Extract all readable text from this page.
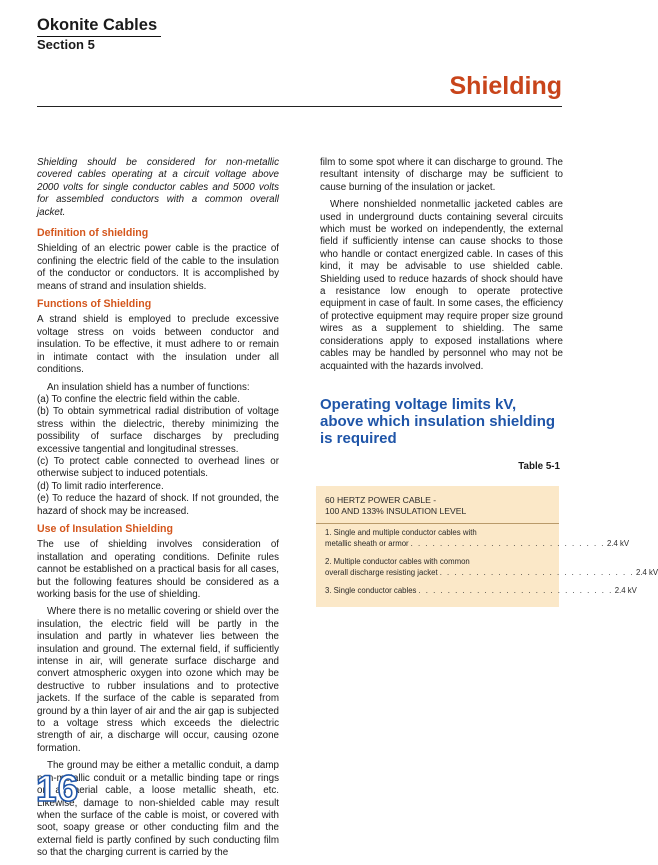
Okonite Cables
Section 5
Shielding

Shielding should be considered for non-metallic covered cables operating at a circuit voltage above 2000 volts for single conductor cables and 5000 volts for assembled conductors with a common overall jacket.

Definition of shielding

Shielding of an electric power cable is the practice of confining the electric field of the cable to the insulation of the conductor or conductors. It is accomplished by means of strand and insulation shields.

Functions of Shielding

A strand shield is employed to preclude excessive voltage stress on voids between conductor and insulation. To be effective, it must adhere to or remain in intimate contact with the insulation under all conditions.

An insulation shield has a number of functions:

(a) To confine the electric field within the cable.
(b) To obtain symmetrical radial distribution of voltage stress within the dielectric, thereby minimizing the possibility of surface discharges by precluding excessive tangential and longitudinal stresses.
(c) To protect cable connected to overhead lines or otherwise subject to induced potentials.
(d) To limit radio interference.
(e) To reduce the hazard of shock. If not grounded, the hazard of shock may be increased.
Use of Insulation Shielding

The use of shielding involves consideration of installation and operating conditions. Definite rules cannot be established on a practical basis for all cases, but the following features should be considered as a working basis for the use of shielding.

Where there is no metallic covering or shield over the insulation, the electric field will be partly in the insulation and partly in whatever lies between the insulation and ground. The external field, if sufficiently intense in air, will generate surface discharge and convert atmospheric oxygen into ozone which may be destructive to rubber insulations and to protective jackets. If the surface of the cable is separated from ground by a thin layer of air and the air gap is subjected to a voltage stress which exceeds the dielectric strength of air, a discharge will occur, causing ozone formation.

The ground may be either a metallic conduit, a damp non-metallic conduit or a metallic binding tape or rings on an aerial cable, a loose metallic sheath, etc. Likewise, damage to non-shielded cable may result when the surface of the cable is moist, or covered with soot, soapy grease or other conducting film and the external field is partly confined by such conducting film so that the charging current is carried by the

film to some spot where it can discharge to ground. The resultant intensity of discharge may be sufficient to cause burning of the insulation or jacket.

Where nonshielded nonmetallic jacketed cables are used in underground ducts containing several circuits which must be worked on independently, the external field if sufficiently intense can cause shocks to those who handle or contact energized cable. In cases of this kind, it may be advisable to use shielded cable. Shielding used to reduce hazards of shock should have a resistance low enough to operate protective equipment in case of fault. In some cases, the efficiency of protective equipment may require proper size ground wires as a supplement to shielding. The same considerations apply to exposed installations where cables may be handled by personnel who may not be acquainted with the hazards involved.

Operating voltage limits kV, above which insulation shielding is required
Table 5-1
60 HERTZ POWER CABLE -
100 AND 133% INSULATION LEVEL
1. Single and multiple conductor cables with
metallic sheath or armor . . . . . . . . . . . . . . . . . . . . . . . . . . . 2.4 kV
2. Multiple conductor cables with common
overall discharge resisting jacket . . . . . . . . . . . . . . . . . . . . . . . . . . . 2.4 kV
3. Single conductor cables . . . . . . . . . . . . . . . . . . . . . . . . . . . 2.4 kV
16
